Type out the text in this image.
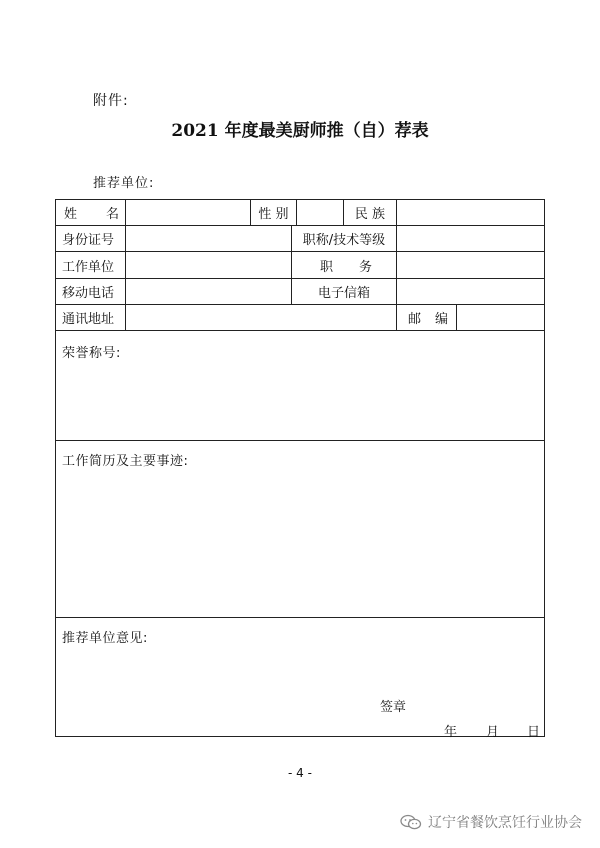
附件:
2021 年度最美厨师推（自）荐表
推荐单位:
姓 名	性 别	民 族
身份证号	职称/技术等级
工作单位	职 务
移动电话	电子信箱
通讯地址	邮 编
荣誉称号:
工作简历及主要事迹:
推荐单位意见:
签章
年 月 日
- 4 -
辽宁省餐饮烹饪行业协会
